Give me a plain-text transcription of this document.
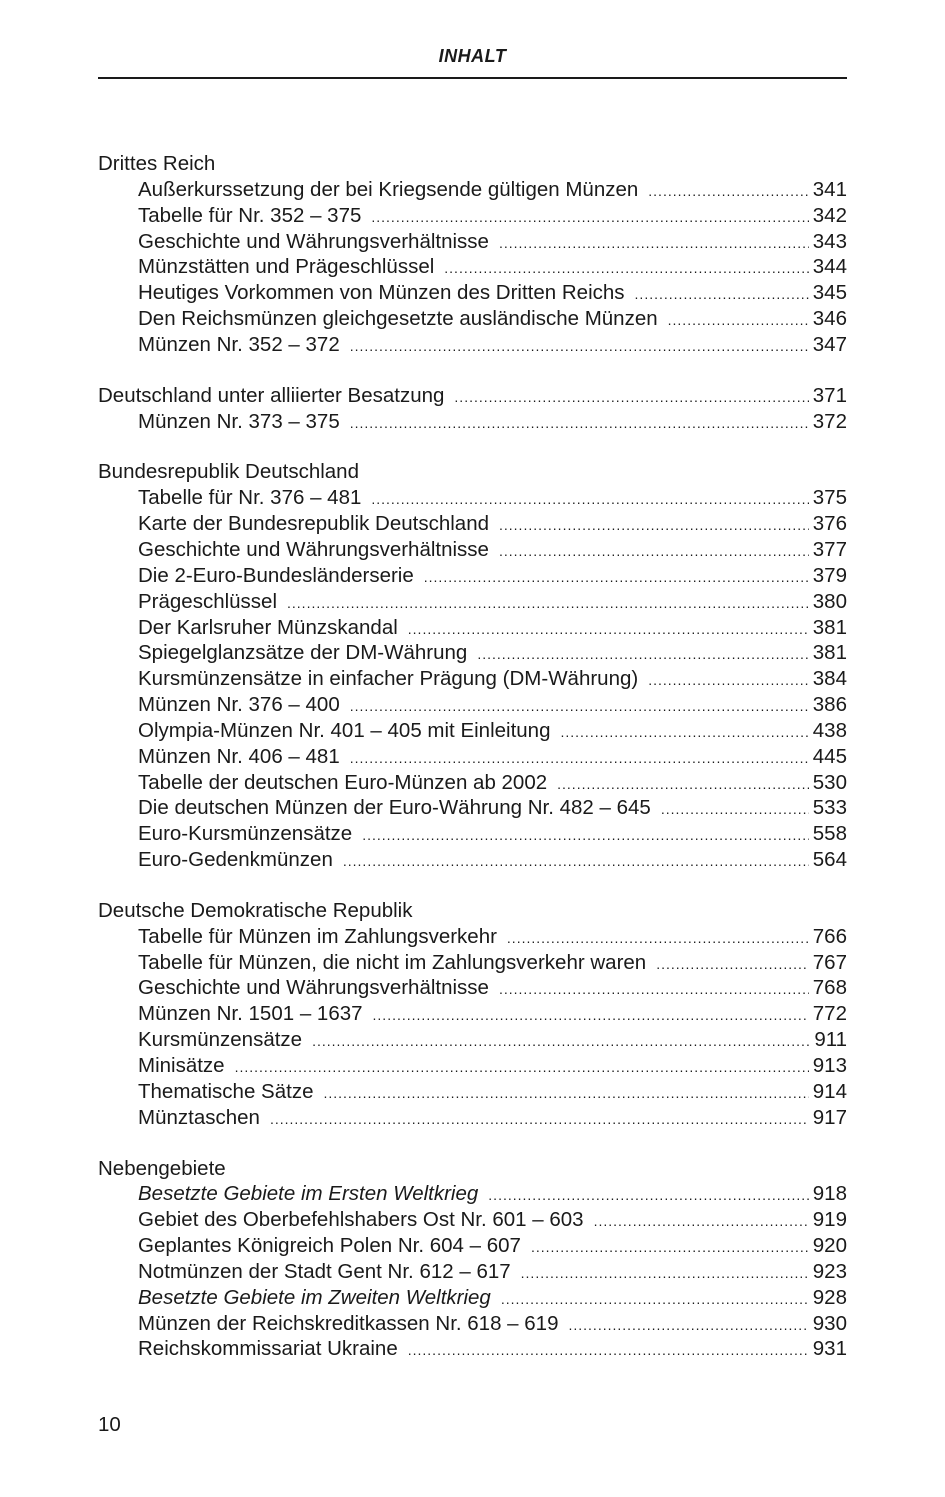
INHALT
Drittes Reich
Außerkurssetzung der bei Kriegsende gültigen Münzen .....	341
Tabelle für Nr. 352 – 375 .....	342
Geschichte und Währungsverhältnisse .....	343
Münzstätten und Prägeschlüssel .....	344
Heutiges Vorkommen von Münzen des Dritten Reichs .....	345
Den Reichsmünzen gleichgesetzte ausländische Münzen .....	346
Münzen Nr. 352 – 372 .....	347
Deutschland unter alliierter Besatzung .....	371
Münzen Nr. 373 – 375 .....	372
Bundesrepublik Deutschland
Tabelle für Nr. 376 – 481 .....	375
Karte der Bundesrepublik Deutschland .....	376
Geschichte und Währungsverhältnisse .....	377
Die 2-Euro-Bundesländerserie .....	379
Prägeschlüssel .....	380
Der Karlsruher Münzskandal .....	381
Spiegelglanzsätze der DM-Währung .....	381
Kursmünzensätze in einfacher Prägung (DM-Währung) .....	384
Münzen Nr. 376 – 400 .....	386
Olympia-Münzen Nr. 401 – 405 mit Einleitung .....	438
Münzen Nr. 406 – 481 .....	445
Tabelle der deutschen Euro-Münzen ab 2002 .....	530
Die deutschen Münzen der Euro-Währung Nr. 482 – 645 .....	533
Euro-Kursmünzensätze .....	558
Euro-Gedenkmünzen .....	564
Deutsche Demokratische Republik
Tabelle für Münzen im Zahlungsverkehr .....	766
Tabelle für Münzen, die nicht im Zahlungsverkehr waren .....	767
Geschichte und Währungsverhältnisse .....	768
Münzen Nr. 1501 – 1637 .....	772
Kursmünzensätze .....	911
Minisätze .....	913
Thematische Sätze .....	914
Münztaschen .....	917
Nebengebiete
Besetzte Gebiete im Ersten Weltkrieg .....	918
Gebiet des Oberbefehlshabers Ost Nr. 601 – 603 .....	919
Geplantes Königreich Polen Nr. 604 – 607 .....	920
Notmünzen der Stadt Gent Nr. 612 – 617 .....	923
Besetzte Gebiete im Zweiten Weltkrieg .....	928
Münzen der Reichskreditkassen Nr. 618 – 619 .....	930
Reichskommissariat Ukraine .....	931
10
